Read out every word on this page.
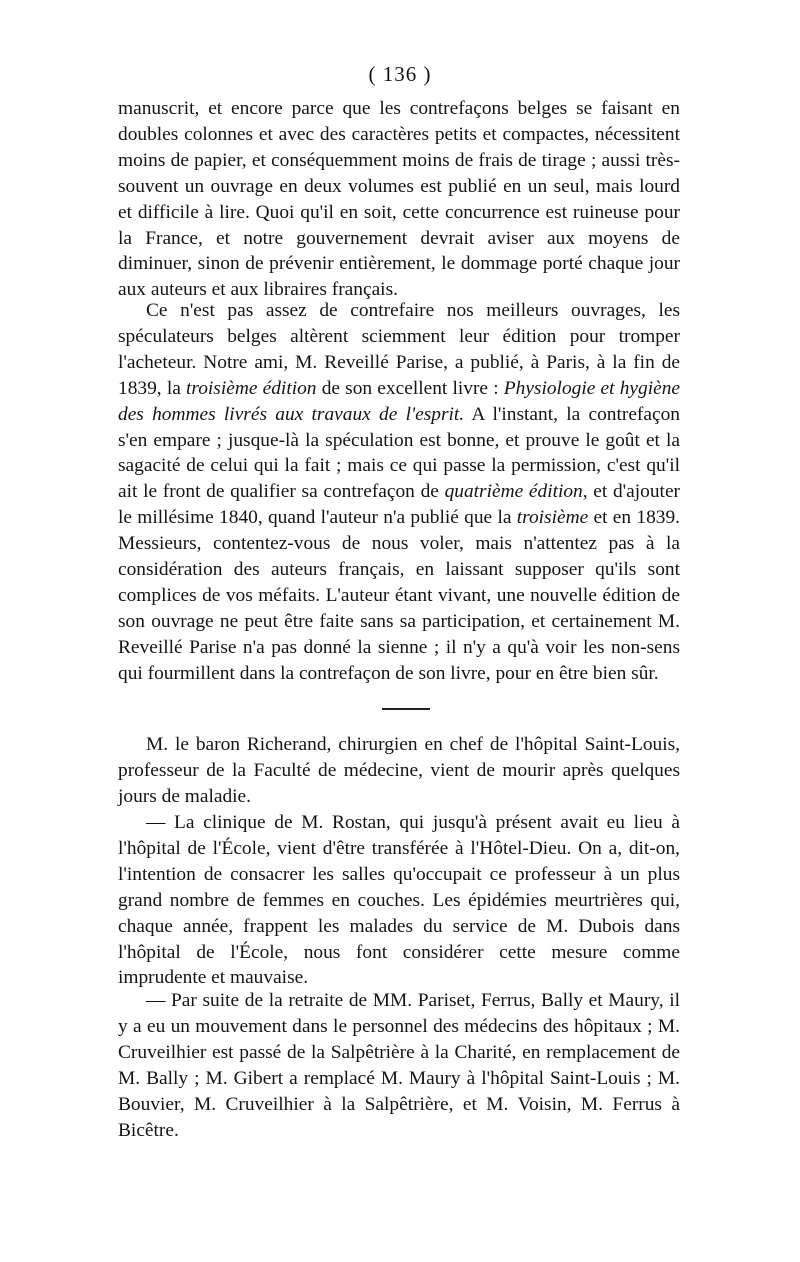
( 136 )

manuscrit, et encore parce que les contrefaçons belges se faisant en doubles colonnes et avec des caractères petits et compactes, nécessitent moins de papier, et conséquemment moins de frais de tirage ; aussi très-souvent un ouvrage en deux volumes est publié en un seul, mais lourd et difficile à lire. Quoi qu'il en soit, cette concurrence est ruineuse pour la France, et notre gouvernement devrait aviser aux moyens de diminuer, sinon de prévenir entièrement, le dommage porté chaque jour aux auteurs et aux libraires français.

Ce n'est pas assez de contrefaire nos meilleurs ouvrages, les spéculateurs belges altèrent sciemment leur édition pour tromper l'acheteur. Notre ami, M. Reveillé Parise, a publié, à Paris, à la fin de 1839, la troisième édition de son excellent livre : Physiologie et hygiène des hommes livrés aux travaux de l'esprit. A l'instant, la contrefaçon s'en empare ; jusque-là la spéculation est bonne, et prouve le goût et la sagacité de celui qui la fait ; mais ce qui passe la permission, c'est qu'il ait le front de qualifier sa contrefaçon de quatrième édition, et d'ajouter le millésime 1840, quand l'auteur n'a publié que la troisième et en 1839. Messieurs, contentez-vous de nous voler, mais n'attentez pas à la considération des auteurs français, en laissant supposer qu'ils sont complices de vos méfaits. L'auteur étant vivant, une nouvelle édition de son ouvrage ne peut être faite sans sa participation, et certainement M. Reveillé Parise n'a pas donné la sienne ; il n'y a qu'à voir les non-sens qui fourmillent dans la contrefaçon de son livre, pour en être bien sûr.

M. le baron Richerand, chirurgien en chef de l'hôpital Saint-Louis, professeur de la Faculté de médecine, vient de mourir après quelques jours de maladie.

— La clinique de M. Rostan, qui jusqu'à présent avait eu lieu à l'hôpital de l'École, vient d'être transférée à l'Hôtel-Dieu. On a, dit-on, l'intention de consacrer les salles qu'occupait ce professeur à un plus grand nombre de femmes en couches. Les épidémies meurtrières qui, chaque année, frappent les malades du service de M. Dubois dans l'hôpital de l'École, nous font considérer cette mesure comme imprudente et mauvaise.

— Par suite de la retraite de MM. Pariset, Ferrus, Bally et Maury, il y a eu un mouvement dans le personnel des médecins des hôpitaux ; M. Cruveilhier est passé de la Salpêtrière à la Charité, en remplacement de M. Bally ; M. Gibert a remplacé M. Maury à l'hôpital Saint-Louis ; M. Bouvier, M. Cruveilhier à la Salpêtrière, et M. Voisin, M. Ferrus à Bicêtre.
